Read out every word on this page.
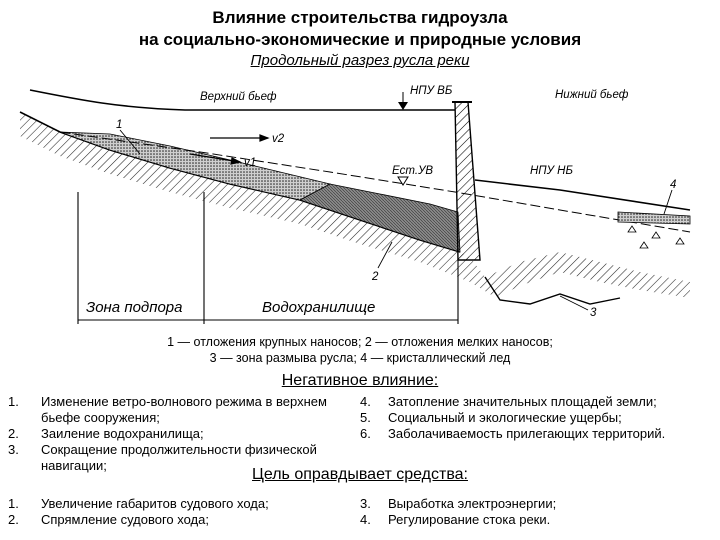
Влияние строительства гидроузла
на социально-экономические и природные условия
Продольный разрез русла реки
Верхний бьеф	НПУ ВБ	Нижний бьеф
Ест.УВ	НПУ НБ
v2
v1
1
2
3
4
Зона подпора	Водохранилище
1 — отложения крупных наносов; 2 — отложения мелких наносов;
3 — зона размыва русла; 4 — кристаллический лед
Негативное влияние:
1. Изменение ветро-волнового режима в верхнем бьефе сооружения;
2. Заиление водохранилища;
3. Сокращение продолжительности физической навигации;
4. Затопление значительных площадей земли;
5. Социальный и экологические ущербы;
6. Заболачиваемость прилегающих территорий.
Цель оправдывает средства:
1. Увеличение габаритов судового хода;
2. Спрямление судового хода;
3. Выработка электроэнергии;
4. Регулирование стока реки.
